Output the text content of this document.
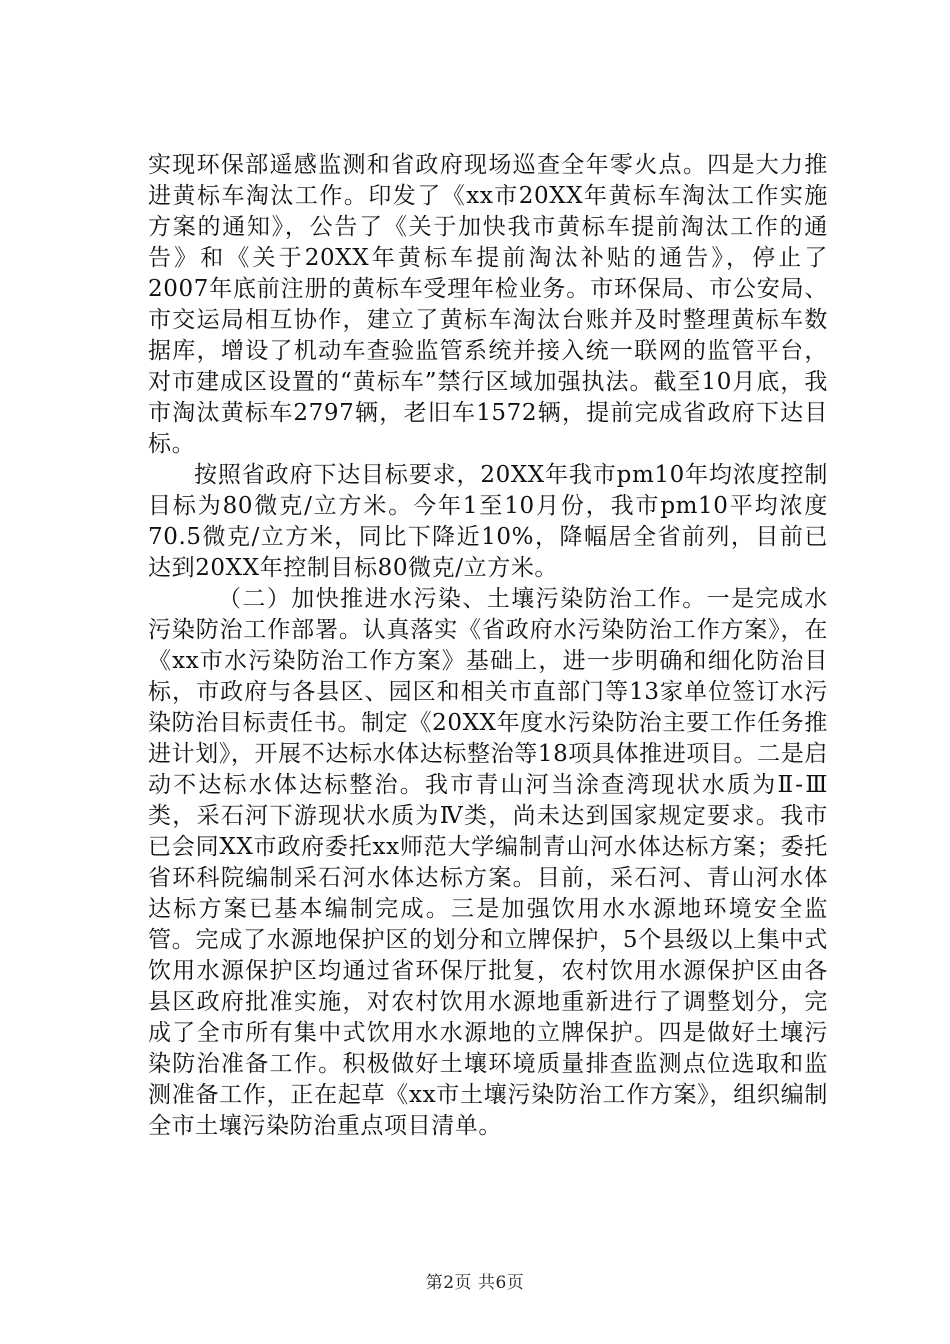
实现环保部遥感监测和省政府现场巡查全年零火点。四是大力推进黄标车淘汰工作。印发了《xx市20XX年黄标车淘汰工作实施方案的通知》，公告了《关于加快我市黄标车提前淘汰工作的通告》和《关于20XX年黄标车提前淘汰补贴的通告》，停止了2007年底前注册的黄标车受理年检业务。市环保局、市公安局、市交运局相互协作，建立了黄标车淘汰台账并及时整理黄标车数据库，增设了机动车查验监管系统并接入统一联网的监管平台，对市建成区设置的“黄标车”禁行区域加强执法。截至10月底，我市淘汰黄标车2797辆，老旧车1572辆，提前完成省政府下达目标。

按照省政府下达目标要求，20XX年我市pm10年均浓度控制目标为80微克/立方米。今年1至10月份，我市pm10平均浓度70.5微克/立方米，同比下降近10%，降幅居全省前列，目前已达到20XX年控制目标80微克/立方米。

（二）加快推进水污染、土壤污染防治工作。一是完成水污染防治工作部署。认真落实《省政府水污染防治工作方案》，在《xx市水污染防治工作方案》基础上，进一步明确和细化防治目标，市政府与各县区、园区和相关市直部门等13家单位签订水污染防治目标责任书。制定《20XX年度水污染防治主要工作任务推进计划》，开展不达标水体达标整治等18项具体推进项目。二是启动不达标水体达标整治。我市青山河当涂查湾现状水质为Ⅱ-Ⅲ类，采石河下游现状水质为Ⅳ类，尚未达到国家规定要求。我市已会同XX市政府委托xx师范大学编制青山河水体达标方案；委托省环科院编制采石河水体达标方案。目前，采石河、青山河水体达标方案已基本编制完成。三是加强饮用水水源地环境安全监管。完成了水源地保护区的划分和立牌保护，5个县级以上集中式饮用水源保护区均通过省环保厅批复，农村饮用水源保护区由各县区政府批准实施，对农村饮用水源地重新进行了调整划分，完成了全市所有集中式饮用水水源地的立牌保护。四是做好土壤污染防治准备工作。积极做好土壤环境质量排查监测点位选取和监测准备工作，正在起草《xx市土壤污染防治工作方案》，组织编制全市土壤污染防治重点项目清单。

第2页 共6页
